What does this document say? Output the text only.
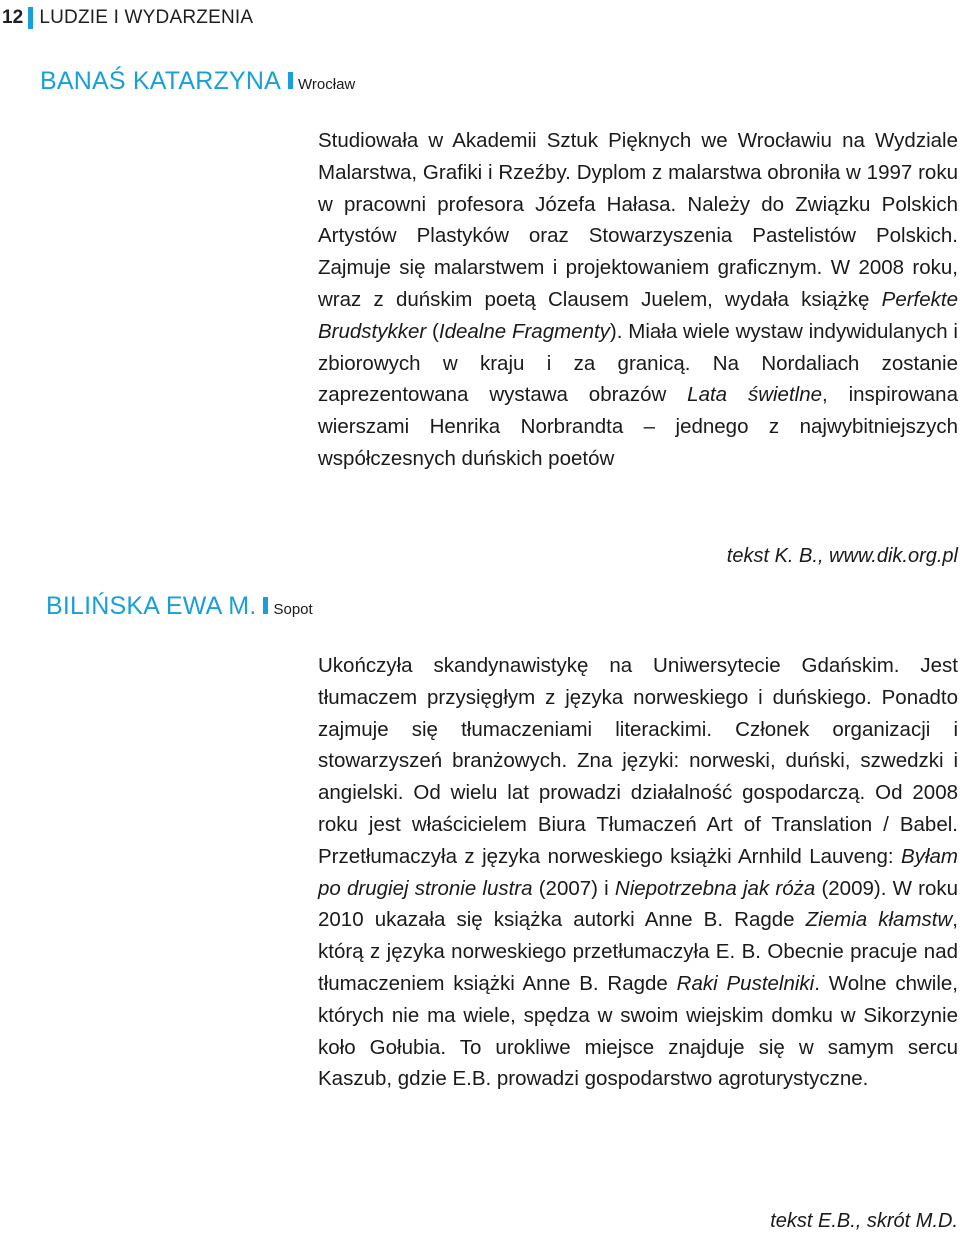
12 LUDZIE I WYDARZENIA
BANAŚ KATARZYNA Wrocław

Studiowała w Akademii Sztuk Pięknych we Wrocławiu na Wydziale Malarstwa, Grafiki i Rzeźby. Dyplom z malarstwa obroniła w 1997 roku w pracowni profesora Józefa Hałasa. Należy do Związku Polskich Artystów Plastyków oraz Stowarzyszenia Pastelistów Polskich. Zajmuje się malarstwem i projektowaniem graficznym. W 2008 roku, wraz z duńskim poetą Clausem Juelem, wydała książkę Perfekte Brudstykker (Idealne Fragmenty). Miała wiele wystaw indywidulanych i zbiorowych w kraju i za granicą. Na Nordaliach zostanie zaprezentowana wystawa obrazów Lata świetlne, inspirowana wierszami Henrika Norbrandta – jednego z najwybitniejszych współczesnych duńskich poetów

tekst K. B., www.dik.org.pl
BILIŃSKA EWA M. Sopot

Ukończyła skandynawistykę na Uniwersytecie Gdańskim. Jest tłumaczem przysięgłym z języka norweskiego i duńskiego. Ponadto zajmuje się tłumaczeniami literackimi. Członek organizacji i stowarzyszeń branżowych. Zna języki: norweski, duński, szwedzki i angielski. Od wielu lat prowadzi działalność gospodarczą. Od 2008 roku jest właścicielem Biura Tłumaczeń Art of Translation / Babel. Przetłumaczyła z języka norweskiego książki Arnhild Lauveng: Byłam po drugiej stronie lustra (2007) i Niepotrzebna jak róża (2009). W roku 2010 ukazała się książka autorki Anne B. Ragde Ziemia kłamstw, którą z języka norweskiego przetłumaczyła E. B. Obecnie pracuje nad tłumaczeniem książki Anne B. Ragde Raki Pustelniki. Wolne chwile, których nie ma wiele, spędza w swoim wiejskim domku w Sikorzynie koło Gołubia. To urokliwe miejsce znajduje się w samym sercu Kaszub, gdzie E.B. prowadzi gospodarstwo agroturystyczne.

tekst E.B., skrót M.D.
